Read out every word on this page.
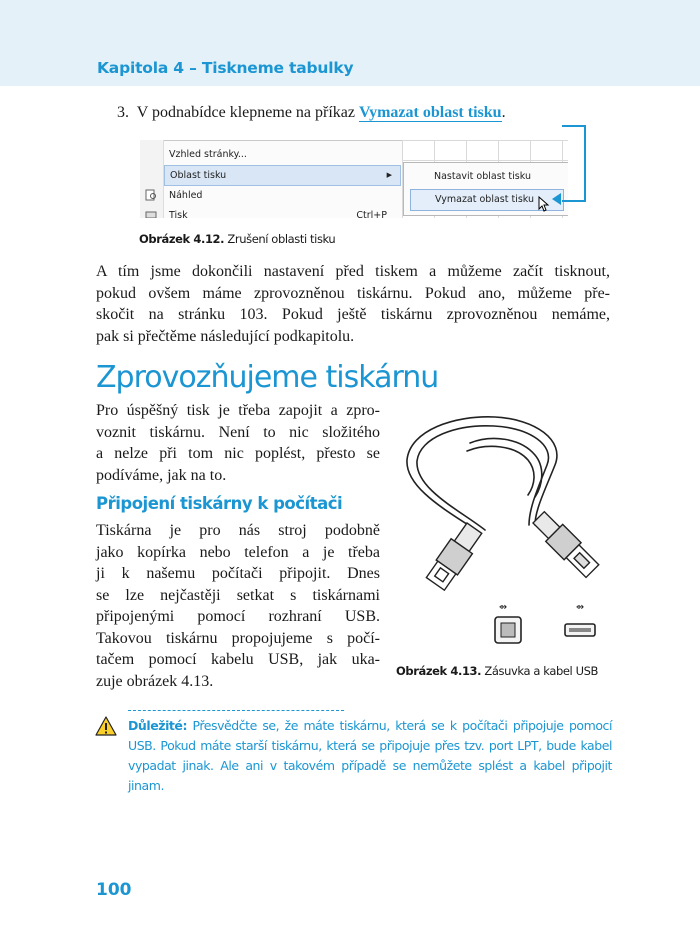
Kapitola 4 – Tiskneme tabulky
3. V podnabídce klepneme na příkaz Vymazat oblast tisku.
Vzhled stránky...
Oblast tisku	▶
Náhled
Tisk	Ctrl+P
Nastavit oblast tisku
Vymazat oblast tisku
Obrázek 4.12. Zrušení oblasti tisku
A tím jsme dokončili nastavení před tiskem a můžeme začít tisknout,
pokud ovšem máme zprovozněnou tiskárnu. Pokud ano, můžeme pře-
skočit na stránku 103. Pokud ještě tiskárnu zprovozněnou nemáme,
pak si přečtěme následující podkapitolu.
Zprovozňujeme tiskárnu
Pro úspěšný tisk je třeba zapojit a zpro-
voznit tiskárnu. Není to nic složitého
a nelze při tom nic poplést, přesto se
podíváme, jak na to.
Připojení tiskárny k počítači
Tiskárna je pro nás stroj podobně
jako kopírka nebo telefon a je třeba
ji k našemu počítači připojit. Dnes
se lze nejčastěji setkat s tiskárnami
připojenými pomocí rozhraní USB.
Takovou tiskárnu propojujeme s počí-
tačem pomocí kabelu USB, jak uka-
zuje obrázek 4.13.
⇴	⇴
Obrázek 4.13. Zásuvka a kabel USB
Důležité: Přesvědčte se, že máte tiskárnu, která se k počítači připojuje pomocí USB. Pokud máte starší tiskárnu, která se připojuje přes tzv. port LPT, bude kabel vypadat jinak. Ale ani v takovém případě se nemůžete splést a kabel připojit jinam.
100
